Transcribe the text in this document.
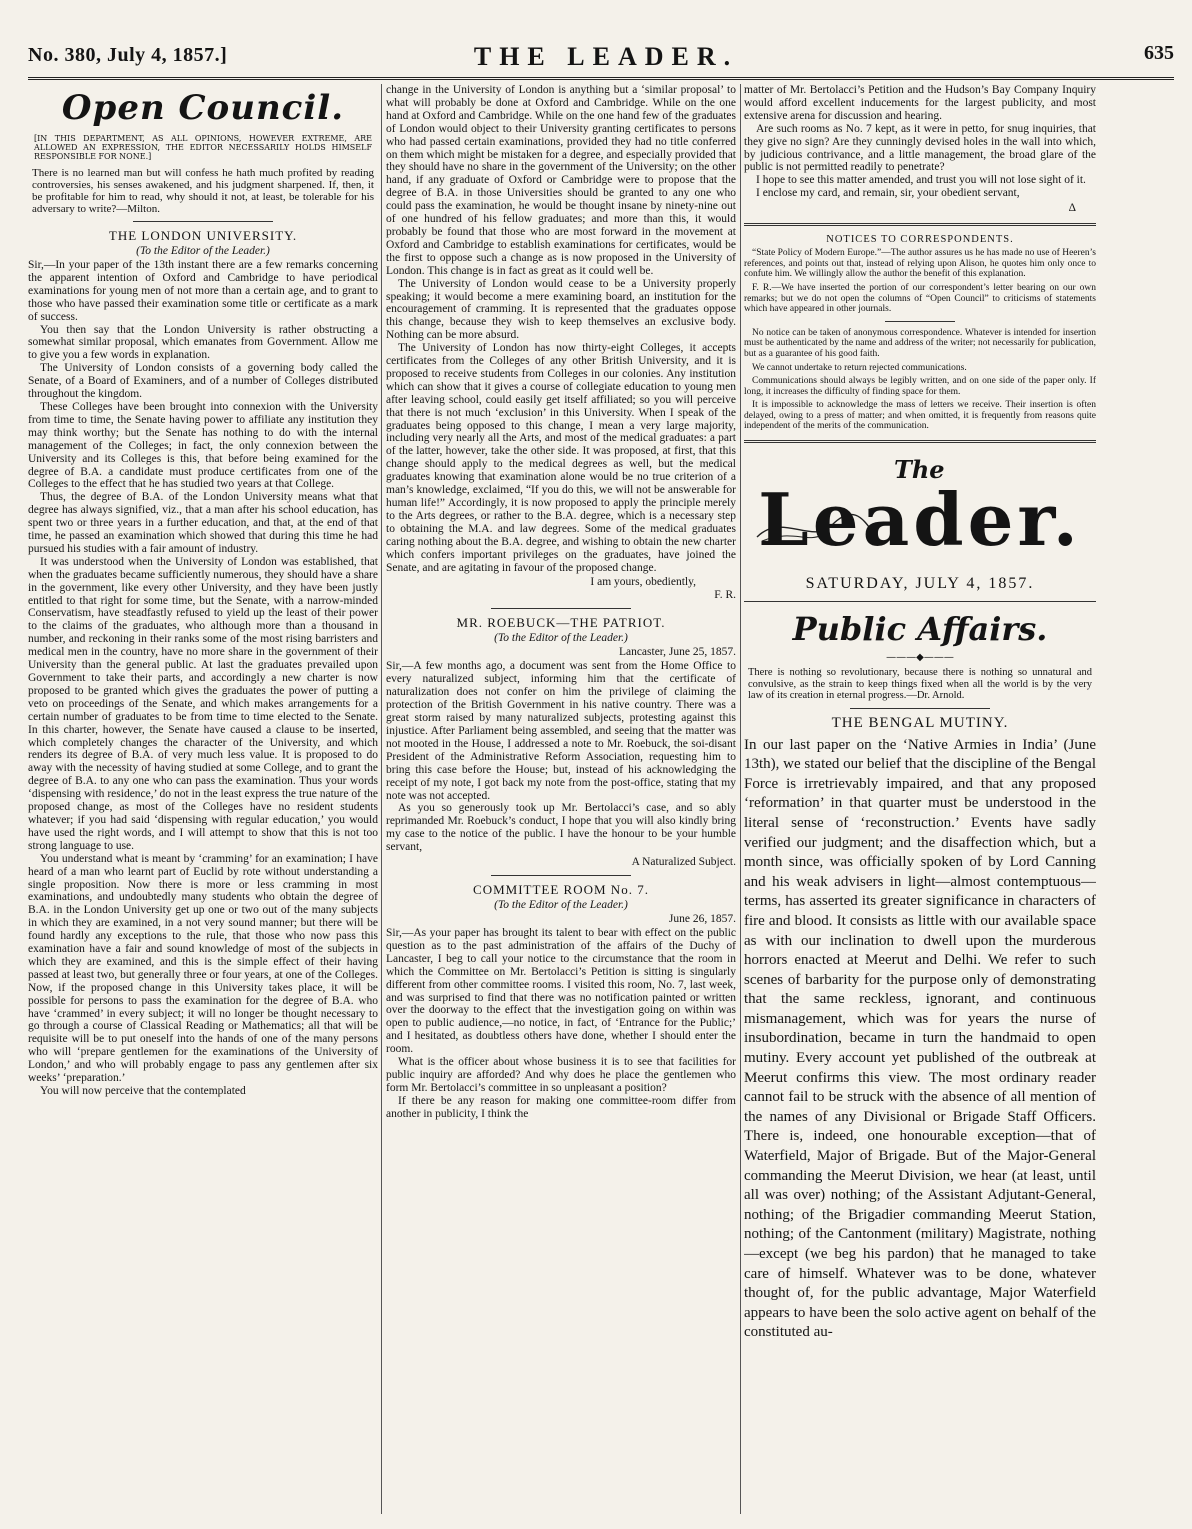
No. 380, July 4, 1857.]	THE LEADER.	635
Open Council.
[IN THIS DEPARTMENT, AS ALL OPINIONS, HOWEVER EXTREME, ARE ALLOWED AN EXPRESSION, THE EDITOR NECESSARILY HOLDS HIMSELF RESPONSIBLE FOR NONE.]
There is no learned man but will confess he hath much profited by reading controversies, his senses awakened, and his judgment sharpened. If, then, it be profitable for him to read, why should it not, at least, be tolerable for his adversary to write?—Milton.
THE LONDON UNIVERSITY.
(To the Editor of the Leader.)

Sir,—In your paper of the 13th instant there are a few remarks concerning the apparent intention of Oxford and Cambridge to have periodical examinations for young men of not more than a certain age, and to grant to those who have passed their examination some title or certificate as a mark of success.

You then say that the London University is rather obstructing a somewhat similar proposal, which emanates from Government. Allow me to give you a few words in explanation.

The University of London consists of a governing body called the Senate, of a Board of Examiners, and of a number of Colleges distributed throughout the kingdom.

These Colleges have been brought into connexion with the University from time to time, the Senate having power to affiliate any institution they may think worthy; but the Senate has nothing to do with the internal management of the Colleges; in fact, the only connexion between the University and its Colleges is this, that before being examined for the degree of B.A. a candidate must produce certificates from one of the Colleges to the effect that he has studied two years at that College.

Thus, the degree of B.A. of the London University means what that degree has always signified, viz., that a man after his school education, has spent two or three years in a further education, and that, at the end of that time, he passed an examination which showed that during this time he had pursued his studies with a fair amount of industry.

It was understood when the University of London was established, that when the graduates became sufficiently numerous, they should have a share in the government, like every other University, and they have been justly entitled to that right for some time, but the Senate, with a narrow-minded Conservatism, have steadfastly refused to yield up the least of their power to the claims of the graduates, who although more than a thousand in number, and reckoning in their ranks some of the most rising barristers and medical men in the country, have no more share in the government of their University than the general public. At last the graduates prevailed upon Government to take their parts, and accordingly a new charter is now proposed to be granted which gives the graduates the power of putting a veto on proceedings of the Senate, and which makes arrangements for a certain number of graduates to be from time to time elected to the Senate. In this charter, however, the Senate have caused a clause to be inserted, which completely changes the character of the University, and which renders its degree of B.A. of very much less value. It is proposed to do away with the necessity of having studied at some College, and to grant the degree of B.A. to any one who can pass the examination. Thus your words ‘dispensing with residence,’ do not in the least express the true nature of the proposed change, as most of the Colleges have no resident students whatever; if you had said ‘dispensing with regular education,’ you would have used the right words, and I will attempt to show that this is not too strong language to use.

You understand what is meant by ‘cramming’ for an examination; I have heard of a man who learnt part of Euclid by rote without understanding a single proposition. Now there is more or less cramming in most examinations, and undoubtedly many students who obtain the degree of B.A. in the London University get up one or two out of the many subjects in which they are examined, in a not very sound manner; but there will be found hardly any exceptions to the rule, that those who now pass this examination have a fair and sound knowledge of most of the subjects in which they are examined, and this is the simple effect of their having passed at least two, but generally three or four years, at one of the Colleges. Now, if the proposed change in this University takes place, it will be possible for persons to pass the examination for the degree of B.A. who have ‘crammed’ in every subject; it will no longer be thought necessary to go through a course of Classical Reading or Mathematics; all that will be requisite will be to put oneself into the hands of one of the many persons who will ‘prepare gentlemen for the examinations of the University of London,’ and who will probably engage to pass any gentlemen after six weeks’ ‘preparation.’

You will now perceive that the contemplated

change in the University of London is anything but a ‘similar proposal’ to what will probably be done at Oxford and Cambridge. While on the one hand at Oxford and Cambridge. While on the one hand few of the graduates of London would object to their University granting certificates to persons who had passed certain examinations, provided they had no title conferred on them which might be mistaken for a degree, and especially provided that they should have no share in the government of the University; on the other hand, if any graduate of Oxford or Cambridge were to propose that the degree of B.A. in those Universities should be granted to any one who could pass the examination, he would be thought insane by ninety-nine out of one hundred of his fellow graduates; and more than this, it would probably be found that those who are most forward in the movement at Oxford and Cambridge to establish examinations for certificates, would be the first to oppose such a change as is now proposed in the University of London. This change is in fact as great as it could well be.

The University of London would cease to be a University properly speaking; it would become a mere examining board, an institution for the encouragement of cramming. It is represented that the graduates oppose this change, because they wish to keep themselves an exclusive body. Nothing can be more absurd.

The University of London has now thirty-eight Colleges, it accepts certificates from the Colleges of any other British University, and it is proposed to receive students from Colleges in our colonies. Any institution which can show that it gives a course of collegiate education to young men after leaving school, could easily get itself affiliated; so you will perceive that there is not much ‘exclusion’ in this University. When I speak of the graduates being opposed to this change, I mean a very large majority, including very nearly all the Arts, and most of the medical graduates: a part of the latter, however, take the other side. It was proposed, at first, that this change should apply to the medical degrees as well, but the medical graduates knowing that examination alone would be no true criterion of a man’s knowledge, exclaimed, “If you do this, we will not be answerable for human life!” Accordingly, it is now proposed to apply the principle merely to the Arts degrees, or rather to the B.A. degree, which is a necessary step to obtaining the M.A. and law degrees. Some of the medical graduates caring nothing about the B.A. degree, and wishing to obtain the new charter which confers important privileges on the graduates, have joined the Senate, and are agitating in favour of the proposed change.

I am yours, obediently,
F. R.
MR. ROEBUCK—THE PATRIOT.
(To the Editor of the Leader.)
Lancaster, June 25, 1857.

Sir,—A few months ago, a document was sent from the Home Office to every naturalized subject, informing him that the certificate of naturalization does not confer on him the privilege of claiming the protection of the British Government in his native country. There was a great storm raised by many naturalized subjects, protesting against this injustice. After Parliament being assembled, and seeing that the matter was not mooted in the House, I addressed a note to Mr. Roebuck, the soi-disant President of the Administrative Reform Association, requesting him to bring this case before the House; but, instead of his acknowledging the receipt of my note, I got back my note from the post-office, stating that my note was not accepted.

As you so generously took up Mr. Bertolacci’s case, and so ably reprimanded Mr. Roebuck’s conduct, I hope that you will also kindly bring my case to the notice of the public. I have the honour to be your humble servant,

A Naturalized Subject.
COMMITTEE ROOM No. 7.
(To the Editor of the Leader.)
June 26, 1857.

Sir,—As your paper has brought its talent to bear with effect on the public question as to the past administration of the affairs of the Duchy of Lancaster, I beg to call your notice to the circumstance that the room in which the Committee on Mr. Bertolacci’s Petition is sitting is singularly different from other committee rooms. I visited this room, No. 7, last week, and was surprised to find that there was no notification painted or written over the doorway to the effect that the investigation going on within was open to public audience,—no notice, in fact, of ‘Entrance for the Public;’ and I hesitated, as doubtless others have done, whether I should enter the room.

What is the officer about whose business it is to see that facilities for public inquiry are afforded? And why does he place the gentlemen who form Mr. Bertolacci’s committee in so unpleasant a position?

If there be any reason for making one committee-room differ from another in publicity, I think the

matter of Mr. Bertolacci’s Petition and the Hudson’s Bay Company Inquiry would afford excellent inducements for the largest publicity, and most extensive arena for discussion and hearing.

Are such rooms as No. 7 kept, as it were in petto, for snug inquiries, that they give no sign? Are they cunningly devised holes in the wall into which, by judicious contrivance, and a little management, the broad glare of the public is not permitted readily to penetrate?

I hope to see this matter amended, and trust you will not lose sight of it.

I enclose my card, and remain, sir, your obedient servant,

Δ
NOTICES TO CORRESPONDENTS.

“State Policy of Modern Europe.”—The author assures us he has made no use of Heeren’s references, and points out that, instead of relying upon Alison, he quotes him only once to confute him. We willingly allow the author the benefit of this explanation.

F. R.—We have inserted the portion of our correspondent’s letter bearing on our own remarks; but we do not open the columns of “Open Council” to criticisms of statements which have appeared in other journals.

No notice can be taken of anonymous correspondence. Whatever is intended for insertion must be authenticated by the name and address of the writer; not necessarily for publication, but as a guarantee of his good faith.

We cannot undertake to return rejected communications.

Communications should always be legibly written, and on one side of the paper only. If long, it increases the difficulty of finding space for them.

It is impossible to acknowledge the mass of letters we receive. Their insertion is often delayed, owing to a press of matter; and when omitted, it is frequently from reasons quite independent of the merits of the communication.

The
Leader.
SATURDAY, JULY 4, 1857.
Public Affairs.
———◆———
There is nothing so revolutionary, because there is nothing so unnatural and convulsive, as the strain to keep things fixed when all the world is by the very law of its creation in eternal progress.—Dr. Arnold.
THE BENGAL MUTINY.

In our last paper on the ‘Native Armies in India’ (June 13th), we stated our belief that the discipline of the Bengal Force is irretrievably impaired, and that any proposed ‘reformation’ in that quarter must be understood in the literal sense of ‘reconstruction.’ Events have sadly verified our judgment; and the disaffection which, but a month since, was officially spoken of by Lord Canning and his weak advisers in light—almost contemptuous—terms, has asserted its greater significance in characters of fire and blood. It consists as little with our available space as with our inclination to dwell upon the murderous horrors enacted at Meerut and Delhi. We refer to such scenes of barbarity for the purpose only of demonstrating that the same reckless, ignorant, and continuous mismanagement, which was for years the nurse of insubordination, became in turn the handmaid to open mutiny. Every account yet published of the outbreak at Meerut confirms this view. The most ordinary reader cannot fail to be struck with the absence of all mention of the names of any Divisional or Brigade Staff Officers. There is, indeed, one honourable exception—that of Waterfield, Major of Brigade. But of the Major-General commanding the Meerut Division, we hear (at least, until all was over) nothing; of the Assistant Adjutant-General, nothing; of the Brigadier commanding Meerut Station, nothing; of the Cantonment (military) Magistrate, nothing—except (we beg his pardon) that he managed to take care of himself. Whatever was to be done, whatever thought of, for the public advantage, Major Waterfield appears to have been the solo active agent on behalf of the constituted au-
